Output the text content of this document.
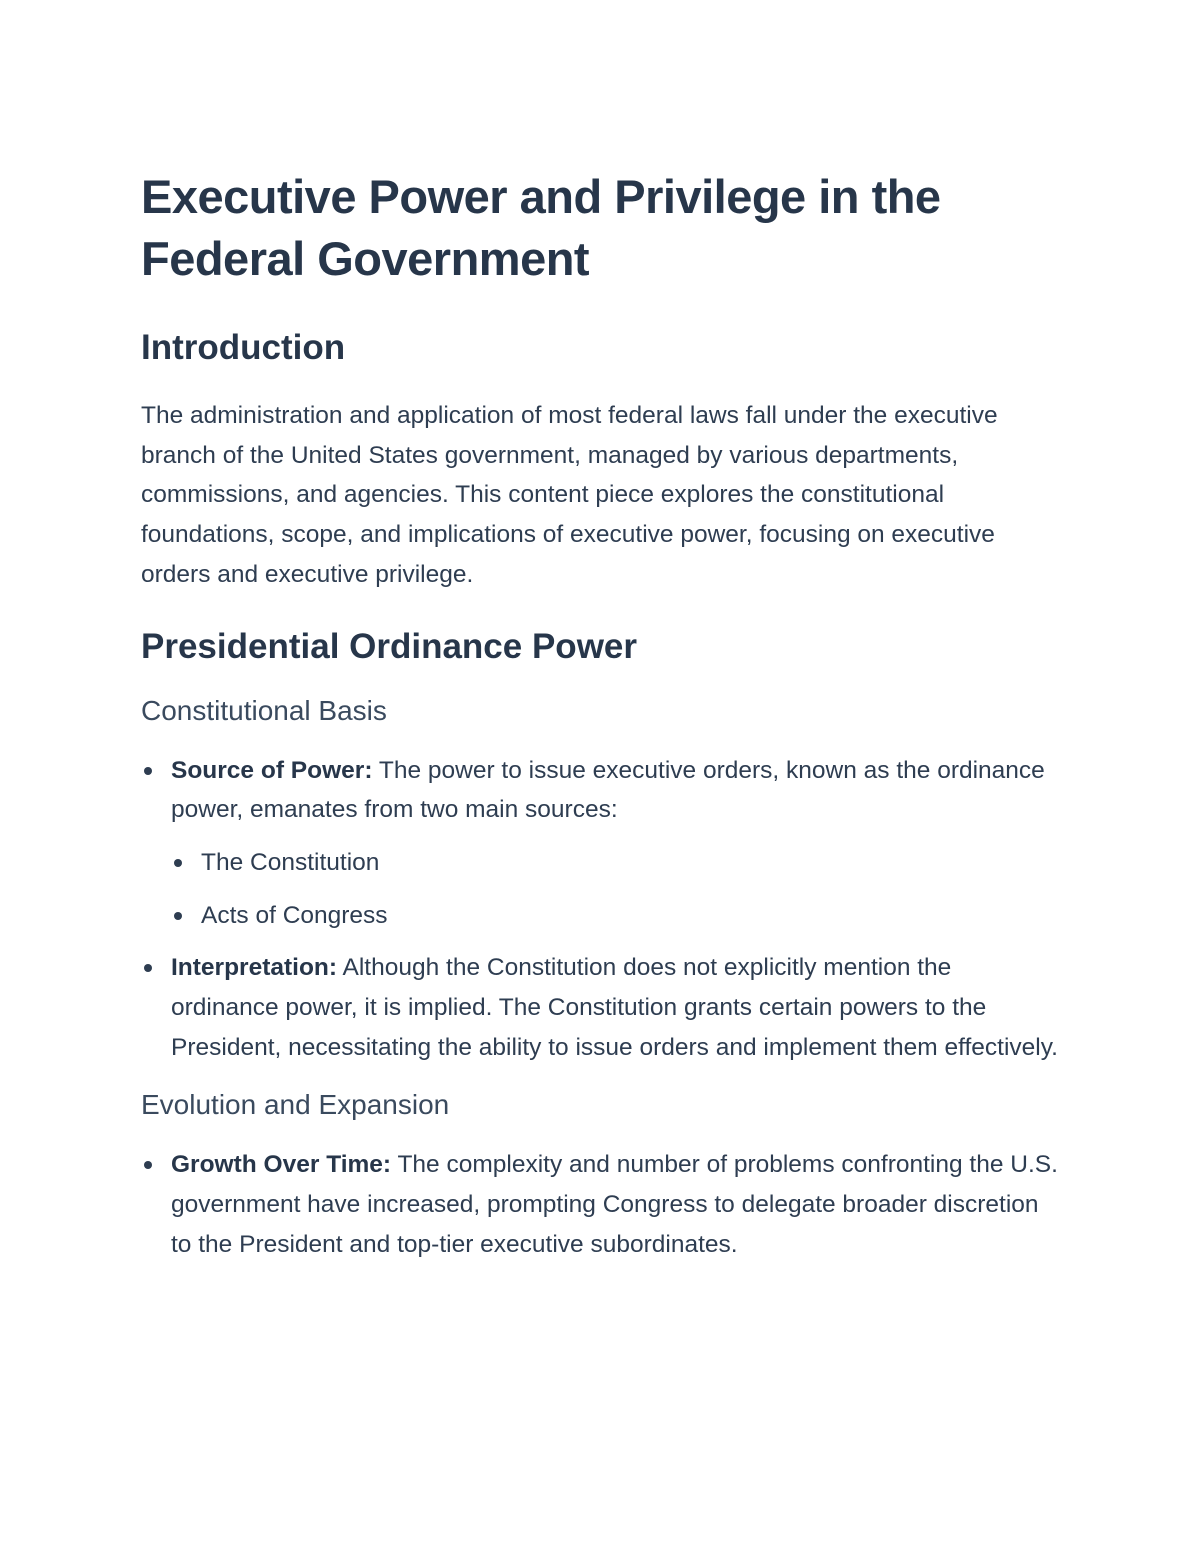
Executive Power and Privilege in the Federal Government
Introduction

The administration and application of most federal laws fall under the executive branch of the United States government, managed by various departments, commissions, and agencies. This content piece explores the constitutional foundations, scope, and implications of executive power, focusing on executive orders and executive privilege.

Presidential Ordinance Power
Constitutional Basis
Source of Power: The power to issue executive orders, known as the ordinance power, emanates from two main sources:
The Constitution
Acts of Congress
Interpretation: Although the Constitution does not explicitly mention the ordinance power, it is implied. The Constitution grants certain powers to the President, necessitating the ability to issue orders and implement them effectively.
Evolution and Expansion
Growth Over Time: The complexity and number of problems confronting the U.S. government have increased, prompting Congress to delegate broader discretion to the President and top-tier executive subordinates.
